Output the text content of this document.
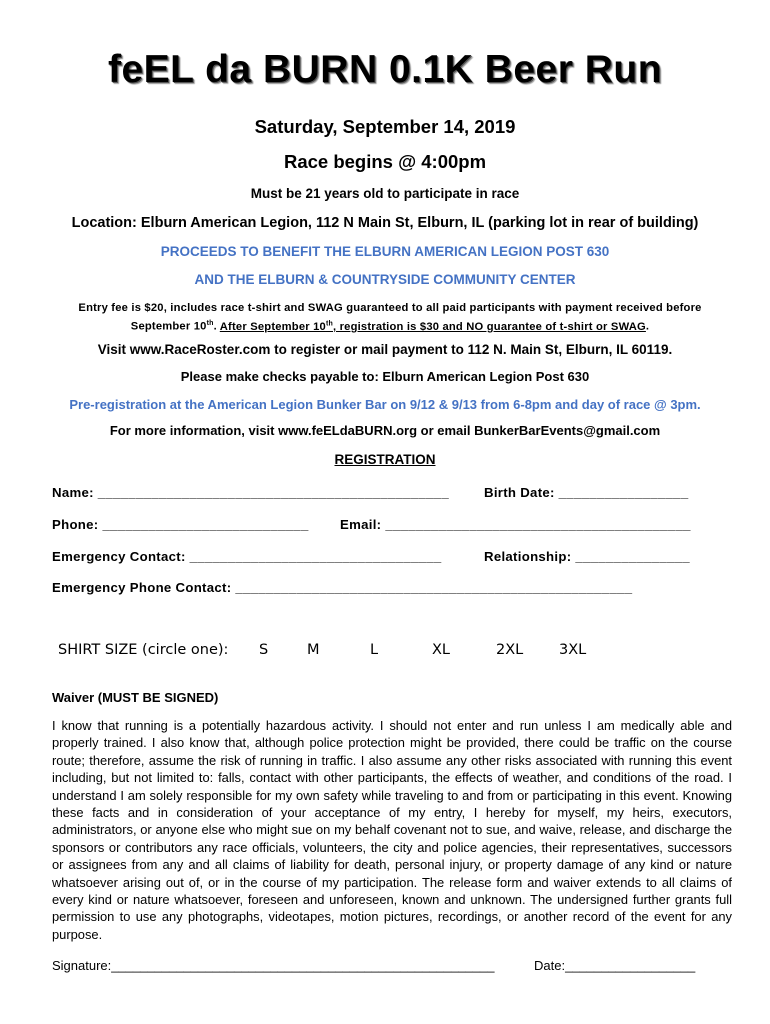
feEL da BURN 0.1K Beer Run
Saturday, September 14, 2019
Race begins @ 4:00pm
Must be 21 years old to participate in race
Location: Elburn American Legion, 112 N Main St, Elburn, IL (parking lot in rear of building)
PROCEEDS TO BENEFIT THE ELBURN AMERICAN LEGION POST 630
AND THE ELBURN & COUNTRYSIDE COMMUNITY CENTER
Entry fee is $20, includes race t-shirt and SWAG guaranteed to all paid participants with payment received before September 10th. After September 10th, registration is $30 and NO guarantee of t-shirt or SWAG.
Visit www.RaceRoster.com to register or mail payment to 112 N. Main St, Elburn, IL 60119.
Please make checks payable to: Elburn American Legion Post 630
Pre-registration at the American Legion Bunker Bar on 9/12 & 9/13 from 6-8pm and day of race @ 3pm.
For more information, visit www.feELdaBURN.org or email BunkerBarEvents@gmail.com
REGISTRATION
Name: ______________________________________________	Birth Date: _________________
Phone: ___________________________ Email: ________________________________________
Emergency Contact: _________________________________	Relationship: _______________
Emergency Phone Contact: ____________________________________________________
SHIRT SIZE (circle one): S	M	L	XL	2XL 3XL
Waiver (MUST BE SIGNED)
I know that running is a potentially hazardous activity. I should not enter and run unless I am medically able and properly trained. I also know that, although police protection might be provided, there could be traffic on the course route; therefore, assume the risk of running in traffic. I also assume any other risks associated with running this event including, but not limited to: falls, contact with other participants, the effects of weather, and conditions of the road. I understand I am solely responsible for my own safety while traveling to and from or participating in this event. Knowing these facts and in consideration of your acceptance of my entry, I hereby for myself, my heirs, executors, administrators, or anyone else who might sue on my behalf covenant not to sue, and waive, release, and discharge the sponsors or contributors any race officials, volunteers, the city and police agencies, their representatives, successors or assignees from any and all claims of liability for death, personal injury, or property damage of any kind or nature whatsoever arising out of, or in the course of my participation. The release form and waiver extends to all claims of every kind or nature whatsoever, foreseen and unforeseen, known and unknown. The undersigned further grants full permission to use any photographs, videotapes, motion pictures, recordings, or another record of the event for any purpose.
Signature:_____________________________________________________	Date:__________________
